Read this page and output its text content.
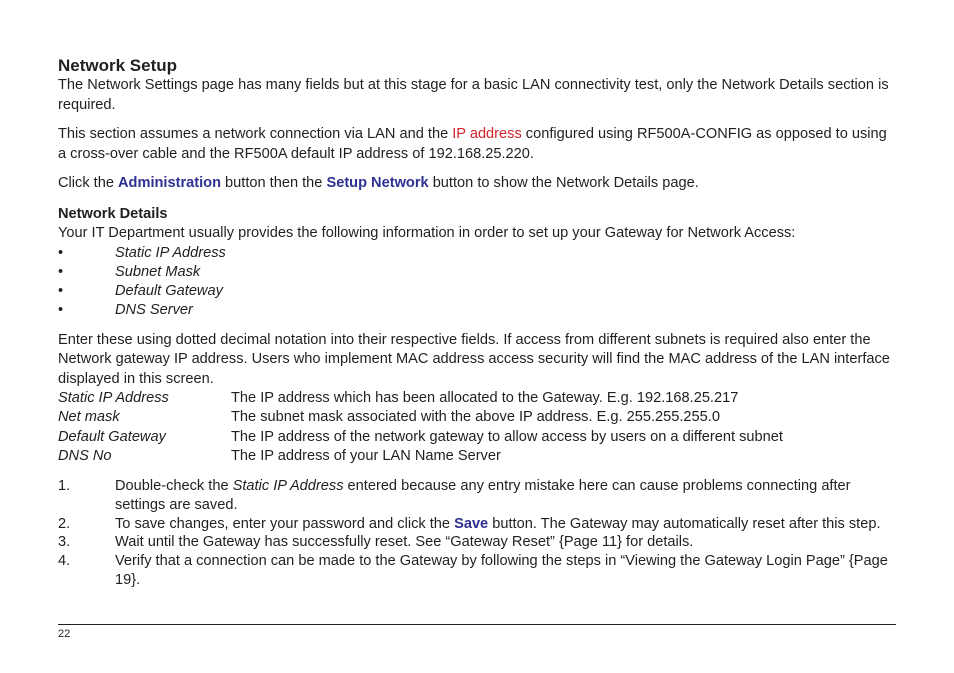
Network Setup

The Network Settings page has many fields but at this stage for a basic LAN connectivity test, only the Network Details section is required.

This section assumes a network connection via LAN and the IP address configured using RF500A-CONFIG as opposed to using a cross-over cable and the RF500A default IP address of 192.168.25.220.

Click the Administration button then the Setup Network button to show the Network Details page.

Network Details

Your IT Department usually provides the following information in order to set up your Gateway for Network Access:

•	Static IP Address
•	Subnet Mask
•	Default Gateway
•	DNS Server

Enter these using dotted decimal notation into their respective fields. If access from different subnets is required also enter the Network gateway IP address. Users who implement MAC address access security will find the MAC address of the LAN interface displayed in this screen.

Static IP Address	The IP address which has been allocated to the Gateway. E.g. 192.168.25.217
Net mask	The subnet mask associated with the above IP address. E.g. 255.255.255.0
Default Gateway	The IP address of the network gateway to allow access by users on a different subnet
DNS No	The IP address of your LAN Name Server
1.	Double-check the Static IP Address entered because any entry mistake here can cause problems connecting after settings are saved.
2.	To save changes, enter your password and click the Save button. The Gateway may automatically reset after this step.
3.	Wait until the Gateway has successfully reset. See “Gateway Reset” {Page 11} for details.
4.	Verify that a connection can be made to the Gateway by following the steps in “Viewing the Gateway Login Page” {Page 19}.
22
